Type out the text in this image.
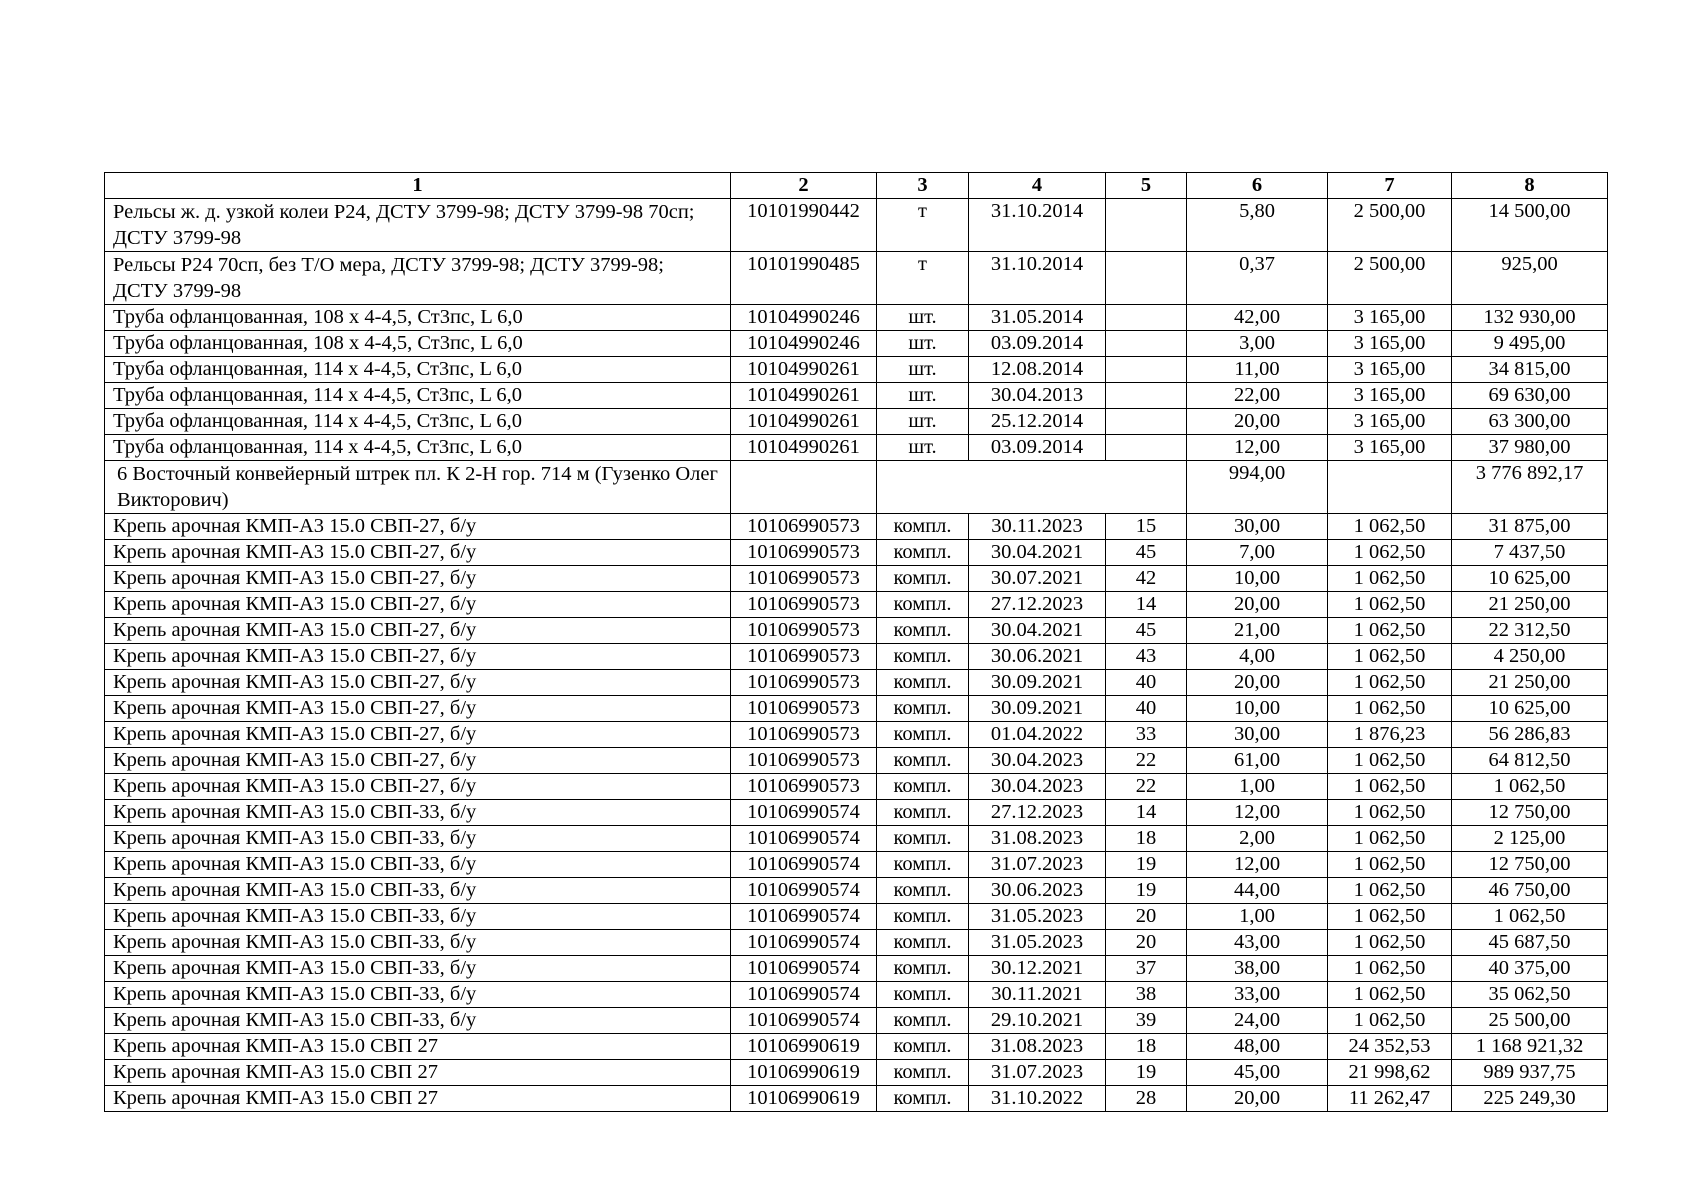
1	2	3	4	5	6	7	8
Рельсы ж. д. узкой колеи Р24, ДСТУ 3799-98; ДСТУ 3799-98 70сп; ДСТУ 3799-98	10101990442	т	31.10.2014		5,80	2 500,00	14 500,00
Рельсы Р24 70сп, без Т/О мера, ДСТУ 3799-98; ДСТУ 3799-98; ДСТУ 3799-98	10101990485	т	31.10.2014		0,37	2 500,00	925,00
Труба офланцованная, 108 х 4-4,5, Ст3пс, L 6,0	10104990246	шт.	31.05.2014		42,00	3 165,00	132 930,00
Труба офланцованная, 108 х 4-4,5, Ст3пс, L 6,0	10104990246	шт.	03.09.2014		3,00	3 165,00	9 495,00
Труба офланцованная, 114 х 4-4,5, Ст3пс, L 6,0	10104990261	шт.	12.08.2014		11,00	3 165,00	34 815,00
Труба офланцованная, 114 х 4-4,5, Ст3пс, L 6,0	10104990261	шт.	30.04.2013		22,00	3 165,00	69 630,00
Труба офланцованная, 114 х 4-4,5, Ст3пс, L 6,0	10104990261	шт.	25.12.2014		20,00	3 165,00	63 300,00
Труба офланцованная, 114 х 4-4,5, Ст3пс, L 6,0	10104990261	шт.	03.09.2014		12,00	3 165,00	37 980,00
6 Восточный конвейерный штрек пл. К 2-Н гор. 714 м (Гузенко Олег Викторович)					994,00		3 776 892,17
Крепь арочная КМП-А3 15.0 СВП-27, б/у	10106990573	компл.	30.11.2023	15	30,00	1 062,50	31 875,00
Крепь арочная КМП-А3 15.0 СВП-27, б/у	10106990573	компл.	30.04.2021	45	7,00	1 062,50	7 437,50
Крепь арочная КМП-А3 15.0 СВП-27, б/у	10106990573	компл.	30.07.2021	42	10,00	1 062,50	10 625,00
Крепь арочная КМП-А3 15.0 СВП-27, б/у	10106990573	компл.	27.12.2023	14	20,00	1 062,50	21 250,00
Крепь арочная КМП-А3 15.0 СВП-27, б/у	10106990573	компл.	30.04.2021	45	21,00	1 062,50	22 312,50
Крепь арочная КМП-А3 15.0 СВП-27, б/у	10106990573	компл.	30.06.2021	43	4,00	1 062,50	4 250,00
Крепь арочная КМП-А3 15.0 СВП-27, б/у	10106990573	компл.	30.09.2021	40	20,00	1 062,50	21 250,00
Крепь арочная КМП-А3 15.0 СВП-27, б/у	10106990573	компл.	30.09.2021	40	10,00	1 062,50	10 625,00
Крепь арочная КМП-А3 15.0 СВП-27, б/у	10106990573	компл.	01.04.2022	33	30,00	1 876,23	56 286,83
Крепь арочная КМП-А3 15.0 СВП-27, б/у	10106990573	компл.	30.04.2023	22	61,00	1 062,50	64 812,50
Крепь арочная КМП-А3 15.0 СВП-27, б/у	10106990573	компл.	30.04.2023	22	1,00	1 062,50	1 062,50
Крепь арочная КМП-А3 15.0 СВП-33, б/у	10106990574	компл.	27.12.2023	14	12,00	1 062,50	12 750,00
Крепь арочная КМП-А3 15.0 СВП-33, б/у	10106990574	компл.	31.08.2023	18	2,00	1 062,50	2 125,00
Крепь арочная КМП-А3 15.0 СВП-33, б/у	10106990574	компл.	31.07.2023	19	12,00	1 062,50	12 750,00
Крепь арочная КМП-А3 15.0 СВП-33, б/у	10106990574	компл.	30.06.2023	19	44,00	1 062,50	46 750,00
Крепь арочная КМП-А3 15.0 СВП-33, б/у	10106990574	компл.	31.05.2023	20	1,00	1 062,50	1 062,50
Крепь арочная КМП-А3 15.0 СВП-33, б/у	10106990574	компл.	31.05.2023	20	43,00	1 062,50	45 687,50
Крепь арочная КМП-А3 15.0 СВП-33, б/у	10106990574	компл.	30.12.2021	37	38,00	1 062,50	40 375,00
Крепь арочная КМП-А3 15.0 СВП-33, б/у	10106990574	компл.	30.11.2021	38	33,00	1 062,50	35 062,50
Крепь арочная КМП-А3 15.0 СВП-33, б/у	10106990574	компл.	29.10.2021	39	24,00	1 062,50	25 500,00
Крепь арочная КМП-А3 15.0 СВП 27	10106990619	компл.	31.08.2023	18	48,00	24 352,53	1 168 921,32
Крепь арочная КМП-А3 15.0 СВП 27	10106990619	компл.	31.07.2023	19	45,00	21 998,62	989 937,75
Крепь арочная КМП-А3 15.0 СВП 27	10106990619	компл.	31.10.2022	28	20,00	11 262,47	225 249,30
